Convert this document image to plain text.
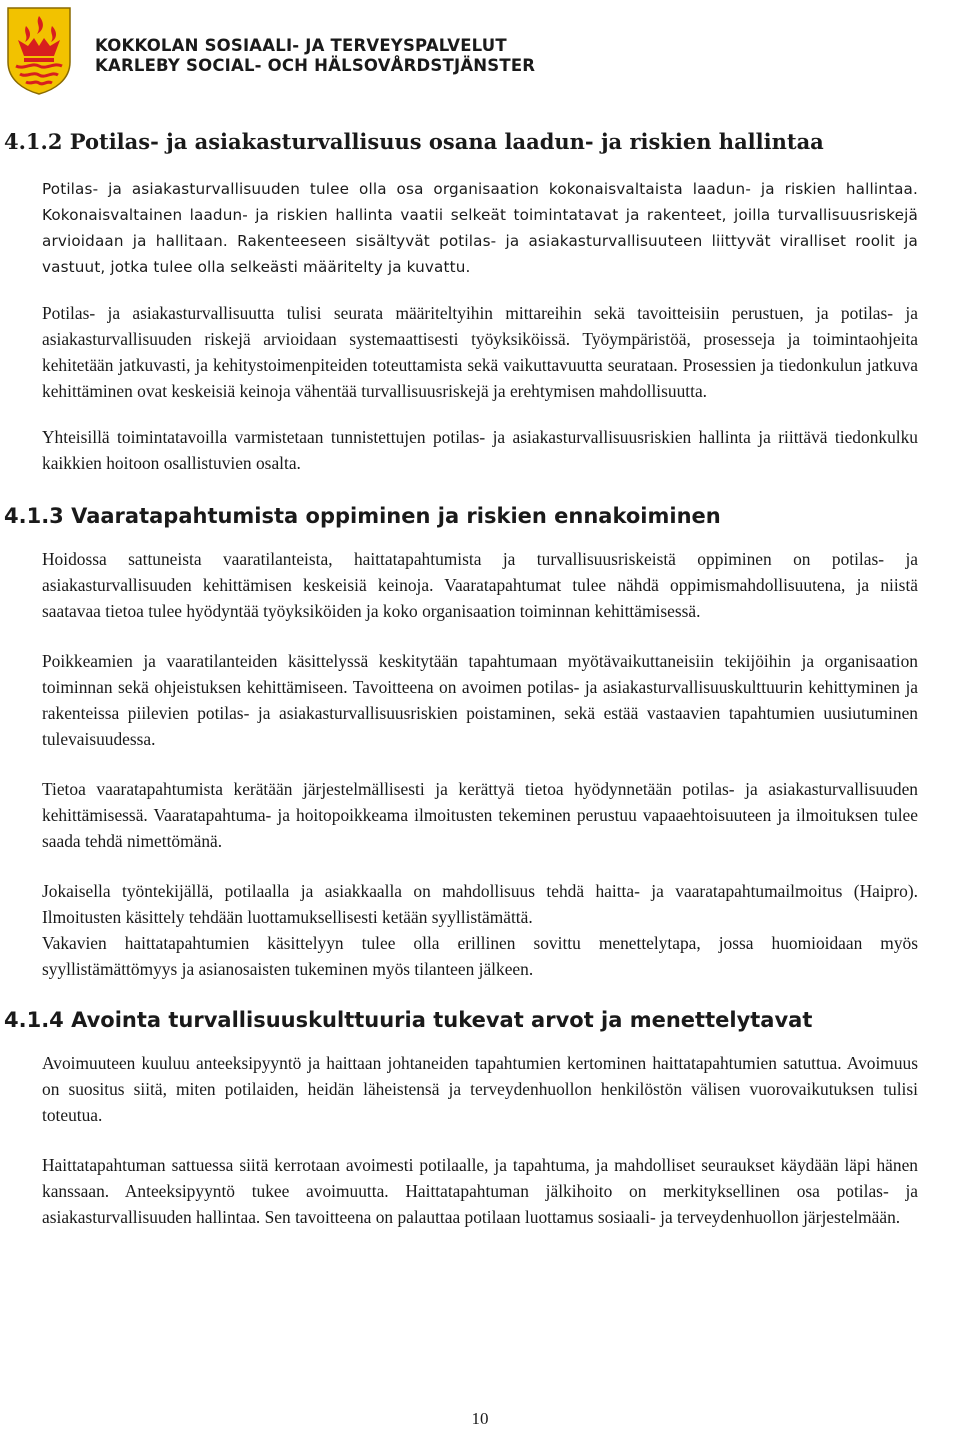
KOKKOLAN SOSIAALI- JA TERVEYSPALVELUT
KARLEBY SOCIAL- OCH HÄLSOVÅRDSTJÄNSTER
4.1.2 Potilas- ja asiakasturvallisuus osana laadun- ja riskien hallintaa

Potilas- ja asiakasturvallisuuden tulee olla osa organisaation kokonaisvaltaista laadun- ja riskien hallintaa. Kokonaisvaltainen laadun- ja riskien hallinta vaatii selkeät toimintatavat ja rakenteet, joilla turvallisuusriskejä arvioidaan ja hallitaan. Rakenteeseen sisältyvät potilas- ja asiakasturvallisuuteen liittyvät viralliset roolit ja vastuut, jotka tulee olla selkeästi määritelty ja kuvattu.

Potilas- ja asiakasturvallisuutta tulisi seurata määriteltyihin mittareihin sekä tavoitteisiin perustuen, ja potilas- ja asiakasturvallisuuden riskejä arvioidaan systemaattisesti työyksiköissä. Työympäristöä, prosesseja ja toimintaohjeita kehitetään jatkuvasti, ja kehitystoimenpiteiden toteuttamista sekä vaikuttavuutta seurataan. Prosessien ja tiedonkulun jatkuva kehittäminen ovat keskeisiä keinoja vähentää turvallisuusriskejä ja erehtymisen mahdollisuutta.

Yhteisillä toimintatavoilla varmistetaan tunnistettujen potilas- ja asiakasturvallisuusriskien hallinta ja riittävä tiedonkulku kaikkien hoitoon osallistuvien osalta.

4.1.3 Vaaratapahtumista oppiminen ja riskien ennakoiminen

Hoidossa sattuneista vaaratilanteista, haittatapahtumista ja turvallisuusriskeistä oppiminen on potilas- ja asiakasturvallisuuden kehittämisen keskeisiä keinoja. Vaaratapahtumat tulee nähdä oppimismahdollisuutena, ja niistä saatavaa tietoa tulee hyödyntää työyksiköiden ja koko organisaation toiminnan kehittämisessä.

Poikkeamien ja vaaratilanteiden käsittelyssä keskitytään tapahtumaan myötävaikuttaneisiin tekijöihin ja organisaation toiminnan sekä ohjeistuksen kehittämiseen. Tavoitteena on avoimen potilas- ja asiakasturvallisuuskulttuurin kehittyminen ja rakenteissa piilevien potilas- ja asiakasturvallisuusriskien poistaminen, sekä estää vastaavien tapahtumien uusiutuminen tulevaisuudessa.

Tietoa vaaratapahtumista kerätään järjestelmällisesti ja kerättyä tietoa hyödynnetään potilas- ja asiakasturvallisuuden kehittämisessä. Vaaratapahtuma- ja hoitopoikkeama ilmoitusten tekeminen perustuu vapaaehtoisuuteen ja ilmoituksen tulee saada tehdä nimettömänä.

Jokaisella työntekijällä, potilaalla ja asiakkaalla on mahdollisuus tehdä haitta- ja vaaratapahtumailmoitus (Haipro). Ilmoitusten käsittely tehdään luottamuksellisesti ketään syyllistämättä.

Vakavien haittatapahtumien käsittelyyn tulee olla erillinen sovittu menettelytapa, jossa huomioidaan myös syyllistämättömyys ja asianosaisten tukeminen myös tilanteen jälkeen.

4.1.4 Avointa turvallisuuskulttuuria tukevat arvot ja menettelytavat

Avoimuuteen kuuluu anteeksipyyntö ja haittaan johtaneiden tapahtumien kertominen haittatapahtumien satuttua. Avoimuus on suositus siitä, miten potilaiden, heidän läheistensä ja terveydenhuollon henkilöstön välisen vuorovaikutuksen tulisi toteutua.

Haittatapahtuman sattuessa siitä kerrotaan avoimesti potilaalle, ja tapahtuma, ja mahdolliset seuraukset käydään läpi hänen kanssaan. Anteeksipyyntö tukee avoimuutta. Haittatapahtuman jälkihoito on merkityksellinen osa potilas- ja asiakasturvallisuuden hallintaa. Sen tavoitteena on palauttaa potilaan luottamus sosiaali- ja terveydenhuollon järjestelmään.

10
